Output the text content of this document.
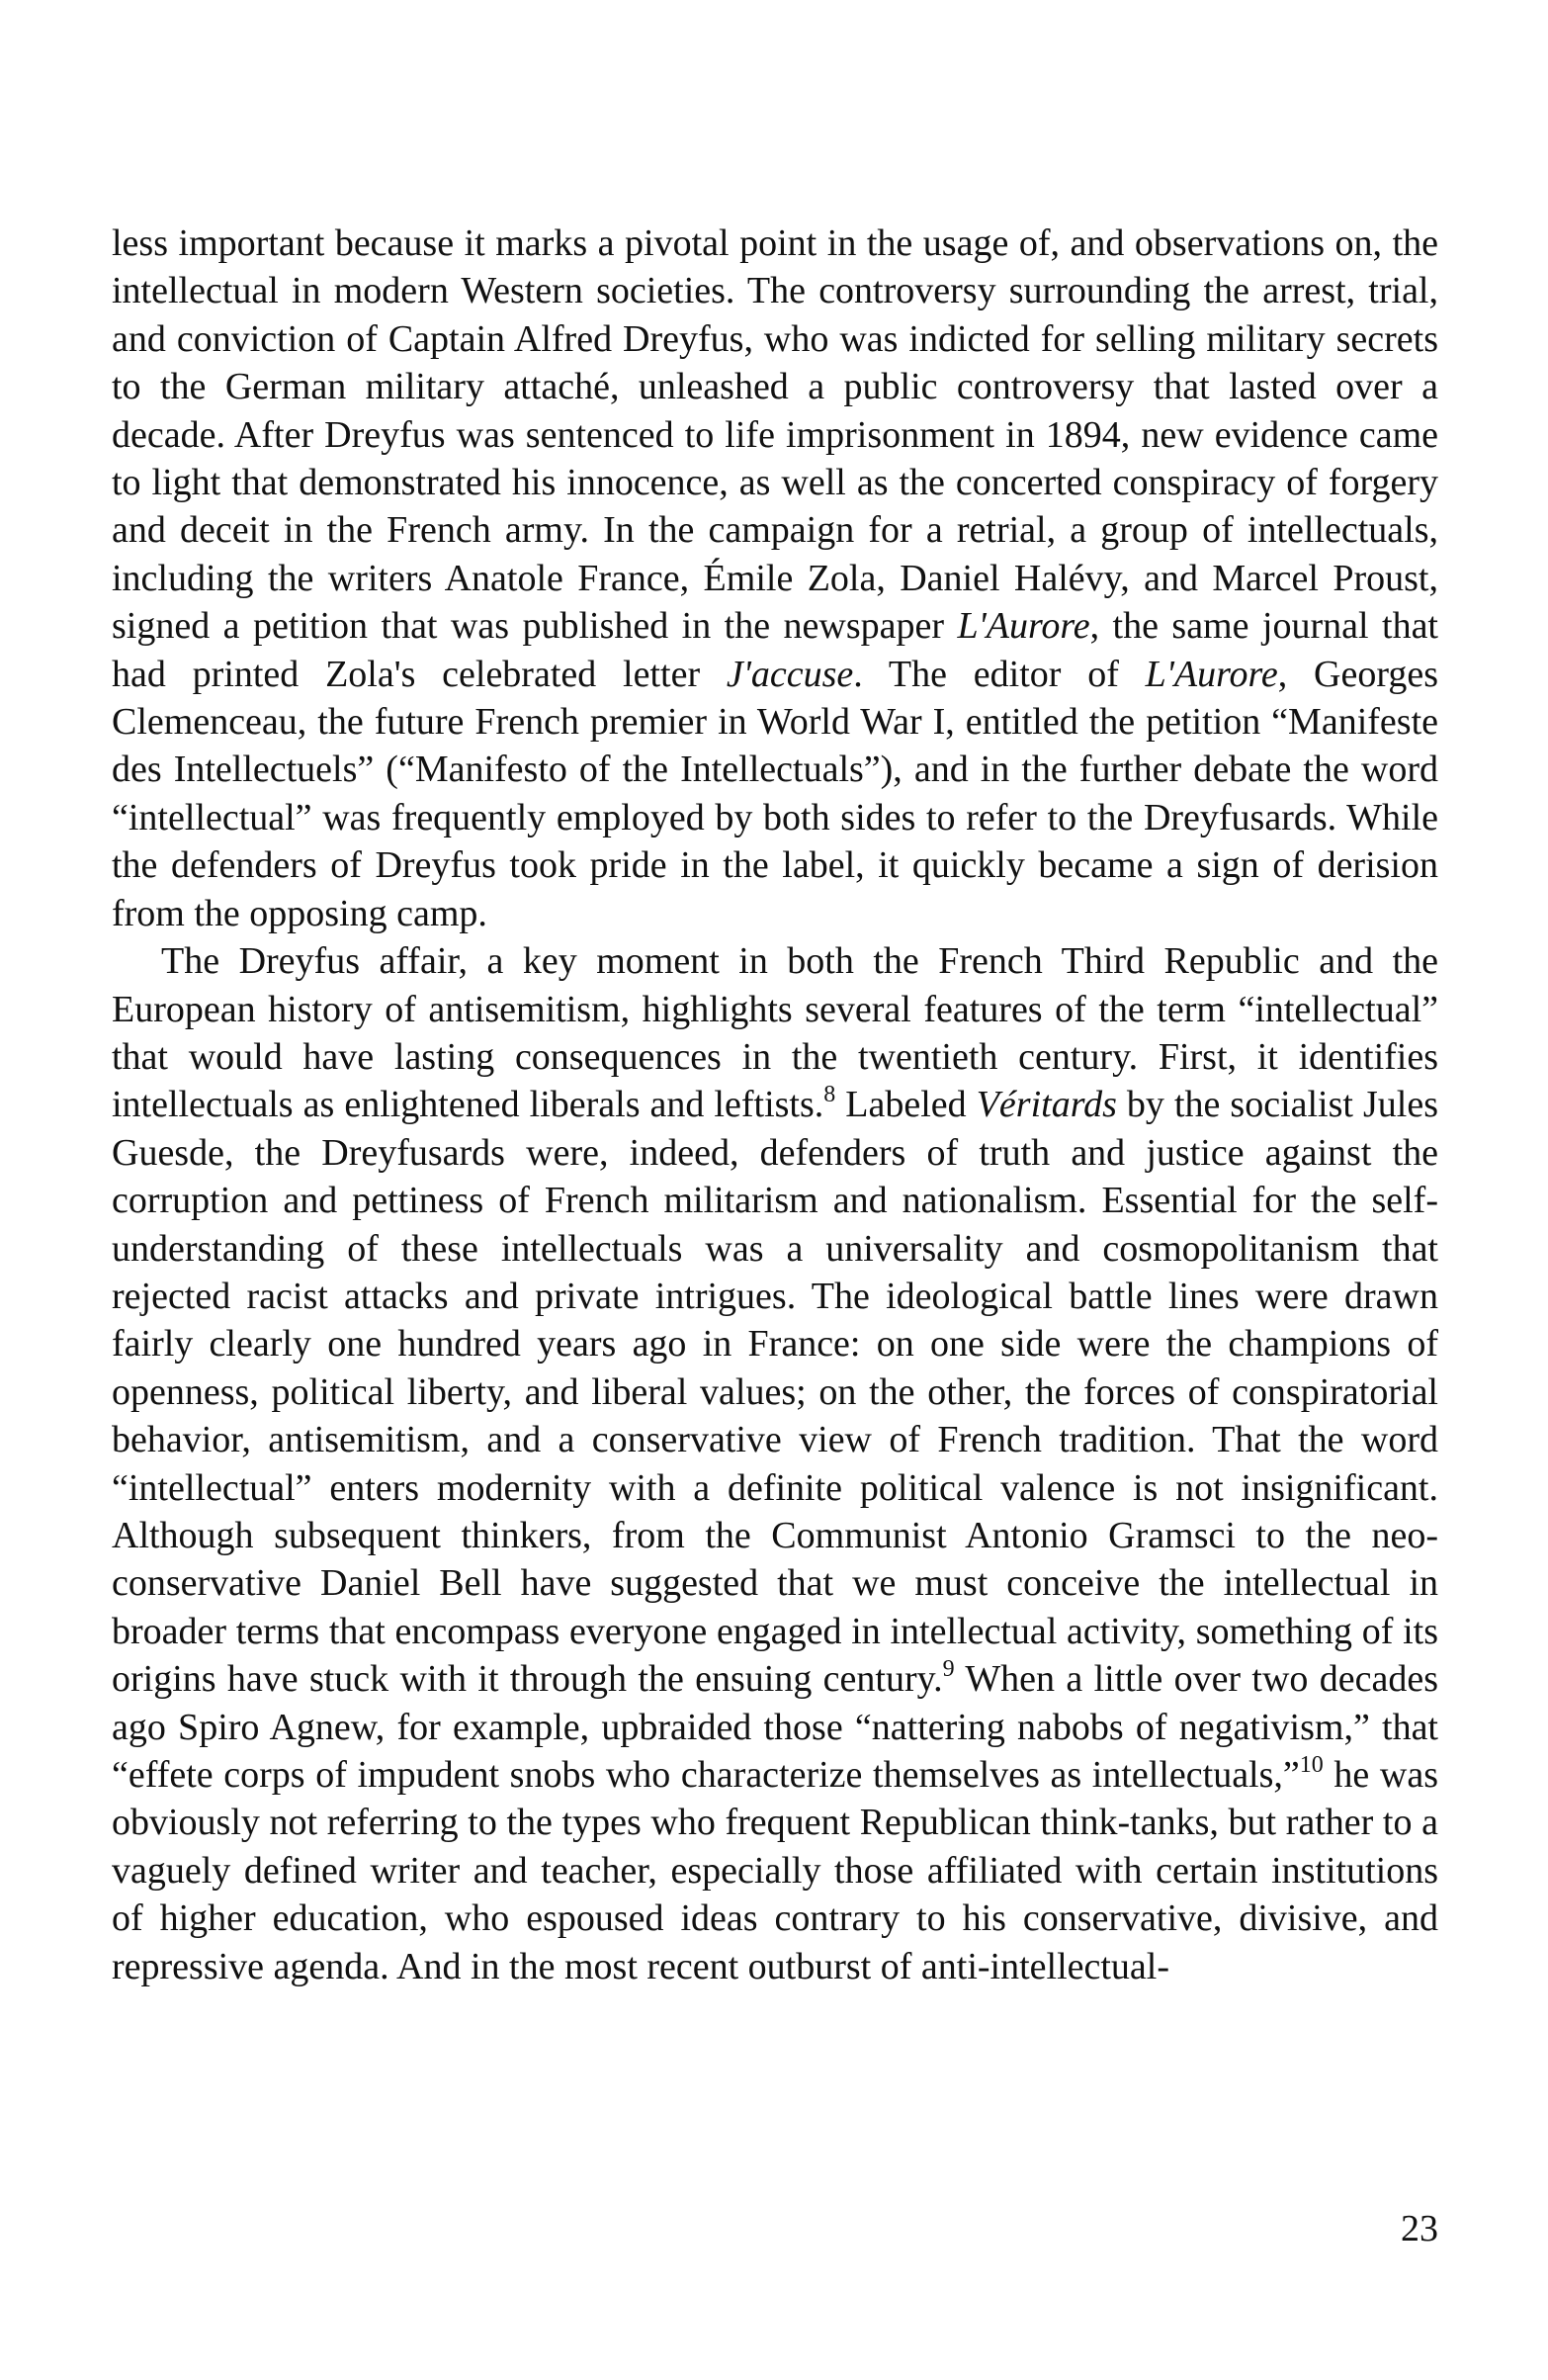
less important because it marks a pivotal point in the usage of, and observations on, the intellectual in modern Western societies. The controversy surrounding the arrest, trial, and conviction of Captain Alfred Dreyfus, who was indicted for selling military secrets to the German military attaché, unleashed a public controversy that lasted over a decade. After Dreyfus was sentenced to life imprisonment in 1894, new evidence came to light that demonstrated his innocence, as well as the concerted conspiracy of forgery and deceit in the French army. In the campaign for a retrial, a group of intellectuals, including the writers Anatole France, Émile Zola, Daniel Halévy, and Marcel Proust, signed a petition that was published in the newspaper L'Aurore, the same journal that had printed Zola's celebrated letter J'accuse. The editor of L'Aurore, Georges Clemenceau, the future French premier in World War I, entitled the petition “Manifeste des Intellectuels” (“Manifesto of the Intellectuals”), and in the further debate the word “intellectual” was frequently employed by both sides to refer to the Dreyfusards. While the defenders of Dreyfus took pride in the label, it quickly became a sign of derision from the opposing camp.

The Dreyfus affair, a key moment in both the French Third Republic and the European history of antisemitism, highlights several features of the term “intellectual” that would have lasting consequences in the twentieth century. First, it identifies intellectuals as enlightened liberals and leftists.$^8$ Labeled Véritards by the socialist Jules Guesde, the Dreyfusards were, indeed, defenders of truth and justice against the corruption and pettiness of French militarism and nationalism. Essential for the self-understanding of these intellectuals was a universality and cosmopolitanism that rejected racist attacks and private intrigues. The ideological battle lines were drawn fairly clearly one hundred years ago in France: on one side were the champions of openness, political liberty, and liberal values; on the other, the forces of conspiratorial behavior, antisemitism, and a conservative view of French tradition. That the word “intellectual” enters modernity with a definite political valence is not insignificant. Although subsequent thinkers, from the Communist Antonio Gramsci to the neo-conservative Daniel Bell have suggested that we must conceive the intellectual in broader terms that encompass everyone engaged in intellectual activity, something of its origins have stuck with it through the ensuing century.$^9$ When a little over two decades ago Spiro Agnew, for example, upbraided those “nattering nabobs of negativism,” that “effete corps of impudent snobs who characterize themselves as intellectuals,”$^{10}$ he was obviously not referring to the types who frequent Republican think-tanks, but rather to a vaguely defined writer and teacher, especially those affiliated with certain institutions of higher education, who espoused ideas contrary to his conservative, divisive, and repressive agenda. And in the most recent outburst of anti-intellectual-

23
